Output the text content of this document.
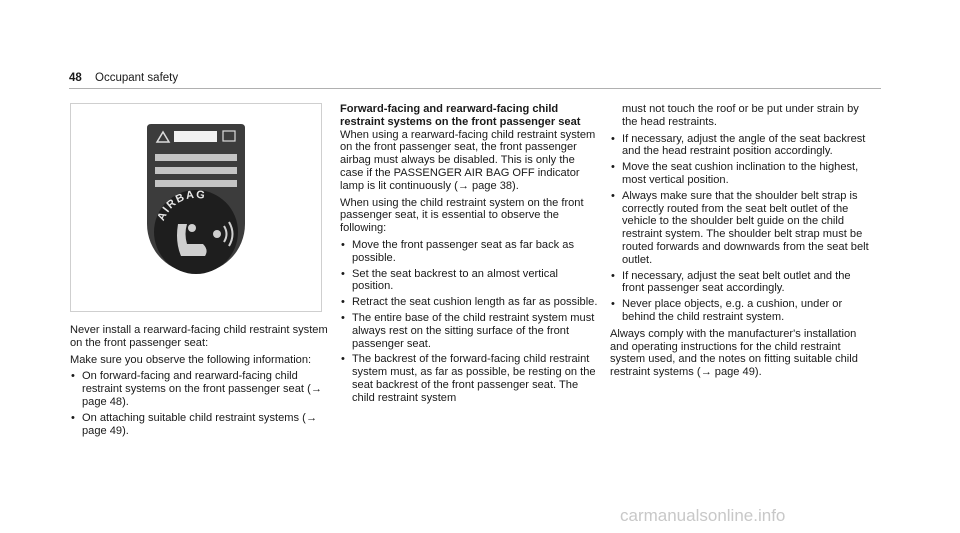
48 Occupant safety
AIRBAG

Never install a rearward-facing child restraint system on the front passenger seat:

Make sure you observe the following information:

• On forward-facing and rearward-facing child restraint systems on the front passenger seat (→ page 48).
• On attaching suitable child restraint systems (→ page 49).
Forward-facing and rearward-facing child restraint systems on the front passenger seat

When using a rearward-facing child restraint system on the front passenger seat, the front passenger airbag must always be disabled. This is only the case if the PASSENGER AIR BAG OFF indicator lamp is lit continuously (→ page 38).

When using the child restraint system on the front passenger seat, it is essential to observe the following:

• Move the front passenger seat as far back as possible.
• Set the seat backrest to an almost vertical position.
• Retract the seat cushion length as far as possible.
• The entire base of the child restraint system must always rest on the sitting surface of the front passenger seat.
• The backrest of the forward-facing child restraint system must, as far as possible, be resting on the seat backrest of the front passenger seat. The child restraint system

must not touch the roof or be put under strain by the head restraints.

• If necessary, adjust the angle of the seat backrest and the head restraint position accordingly.
• Move the seat cushion inclination to the highest, most vertical position.
• Always make sure that the shoulder belt strap is correctly routed from the seat belt outlet of the vehicle to the shoulder belt guide on the child restraint system. The shoulder belt strap must be routed forwards and downwards from the seat belt outlet.
• If necessary, adjust the seat belt outlet and the front passenger seat accordingly.
• Never place objects, e.g. a cushion, under or behind the child restraint system.

Always comply with the manufacturer's installation and operating instructions for the child restraint system used, and the notes on fitting suitable child restraint systems (→ page 49).

carmanualsonline.info
